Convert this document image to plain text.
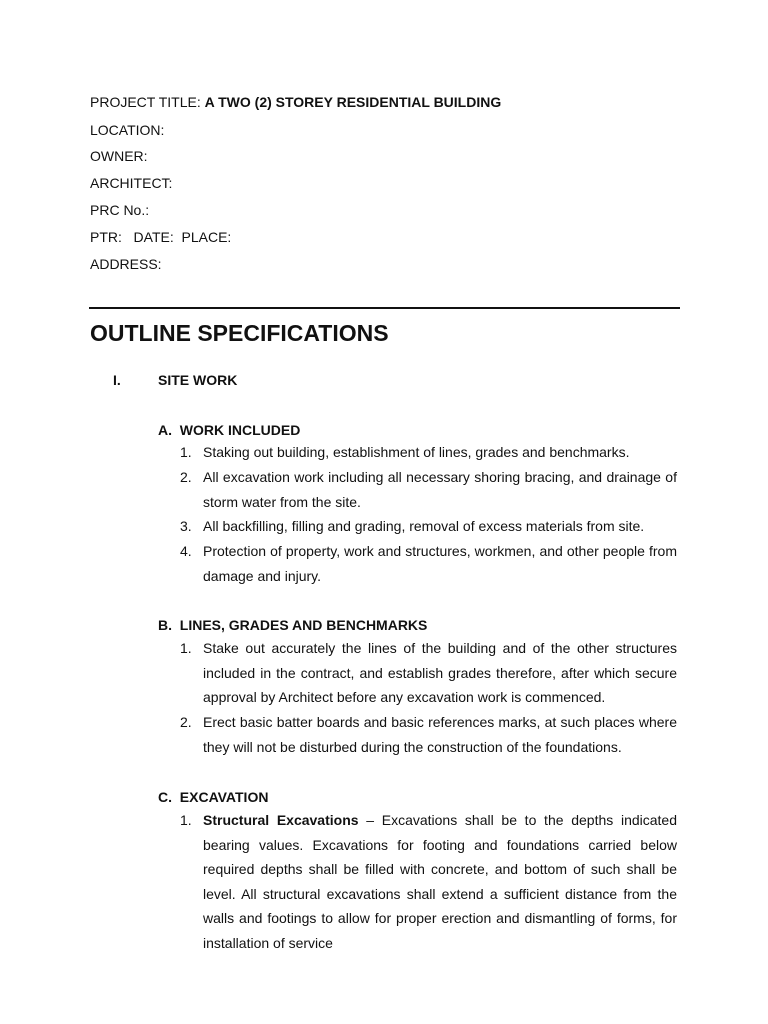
PROJECT TITLE: A TWO (2) STOREY RESIDENTIAL BUILDING
LOCATION:
OWNER:
ARCHITECT:
PRC No.:
PTR:   DATE:  PLACE:
ADDRESS:
OUTLINE SPECIFICATIONS
I.	SITE WORK
A.  WORK INCLUDED
1. Staking out building, establishment of lines, grades and benchmarks.
2. All excavation work including all necessary shoring bracing, and drainage of storm water from the site.
3. All backfilling, filling and grading, removal of excess materials from site.
4. Protection of property, work and structures, workmen, and other people from damage and injury.
B.  LINES, GRADES AND BENCHMARKS
1. Stake out accurately the lines of the building and of the other structures included in the contract, and establish grades therefore, after which secure approval by Architect before any excavation work is commenced.
2. Erect basic batter boards and basic references marks, at such places where they will not be disturbed during the construction of the foundations.
C.  EXCAVATION
1. Structural Excavations – Excavations shall be to the depths indicated bearing values. Excavations for footing and foundations carried below required depths shall be filled with concrete, and bottom of such shall be level. All structural excavations shall extend a sufficient distance from the walls and footings to allow for proper erection and dismantling of forms, for installation of service
